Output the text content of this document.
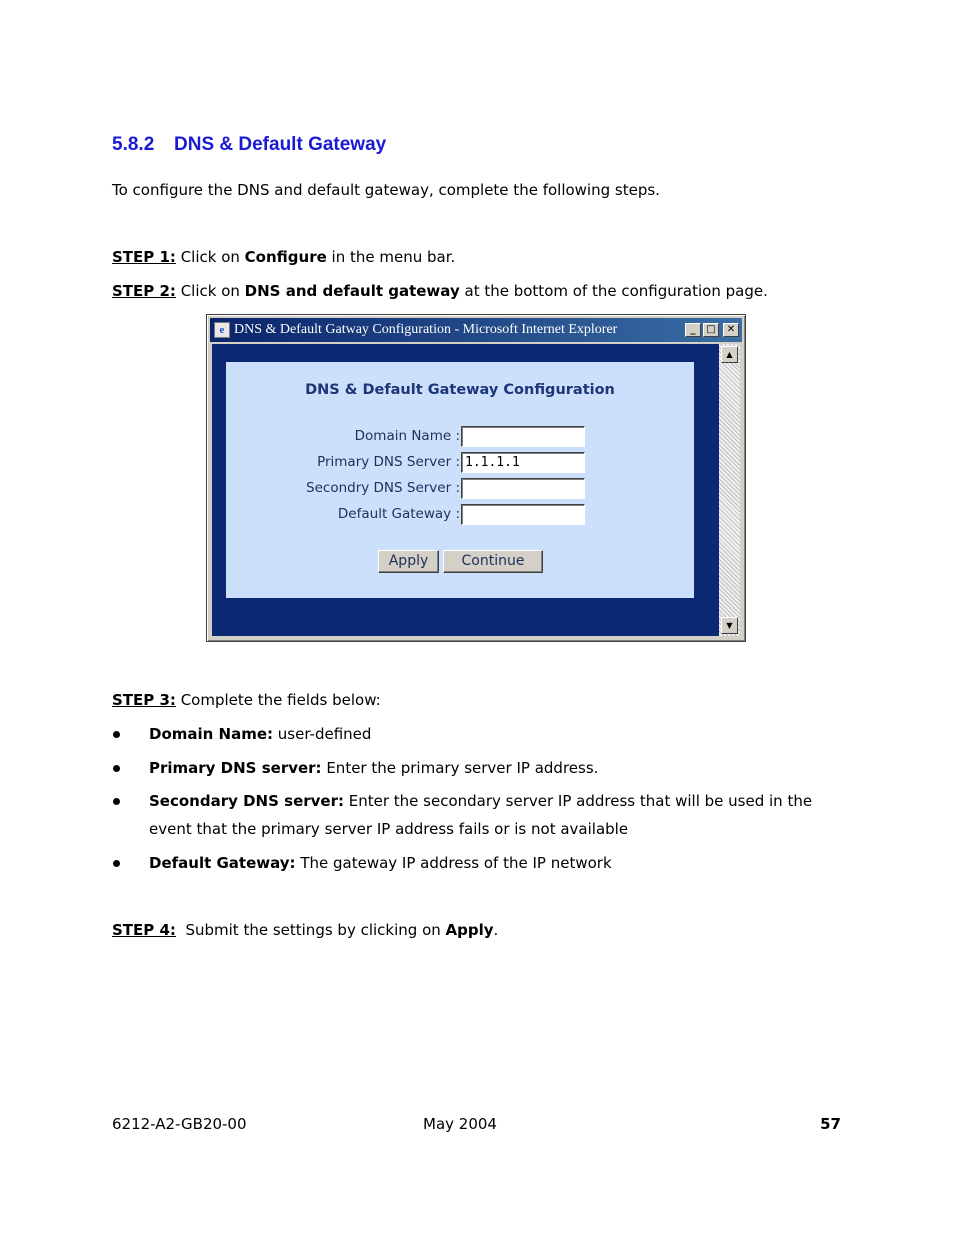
5.8.2 DNS & Default Gateway
To configure the DNS and default gateway, complete the following steps.
STEP 1: Click on Configure in the menu bar.
STEP 2: Click on DNS and default gateway at the bottom of the configuration page.
e DNS & Default Gatway Configuration - Microsoft Internet Explorer	_	□	✕
DNS & Default Gateway Configuration
Domain Name :
Primary DNS Server : 1.1.1.1
Secondry DNS Server :
Default Gateway :
Apply	Continue
▲
▼
STEP 3: Complete the fields below:
Domain Name: user-defined
Primary DNS server: Enter the primary server IP address.
Secondary DNS server: Enter the secondary server IP address that will be used in the
event that the primary server IP address fails or is not available
Default Gateway: The gateway IP address of the IP network
STEP 4:  Submit the settings by clicking on Apply.
6212-A2-GB20-00	May 2004	57
